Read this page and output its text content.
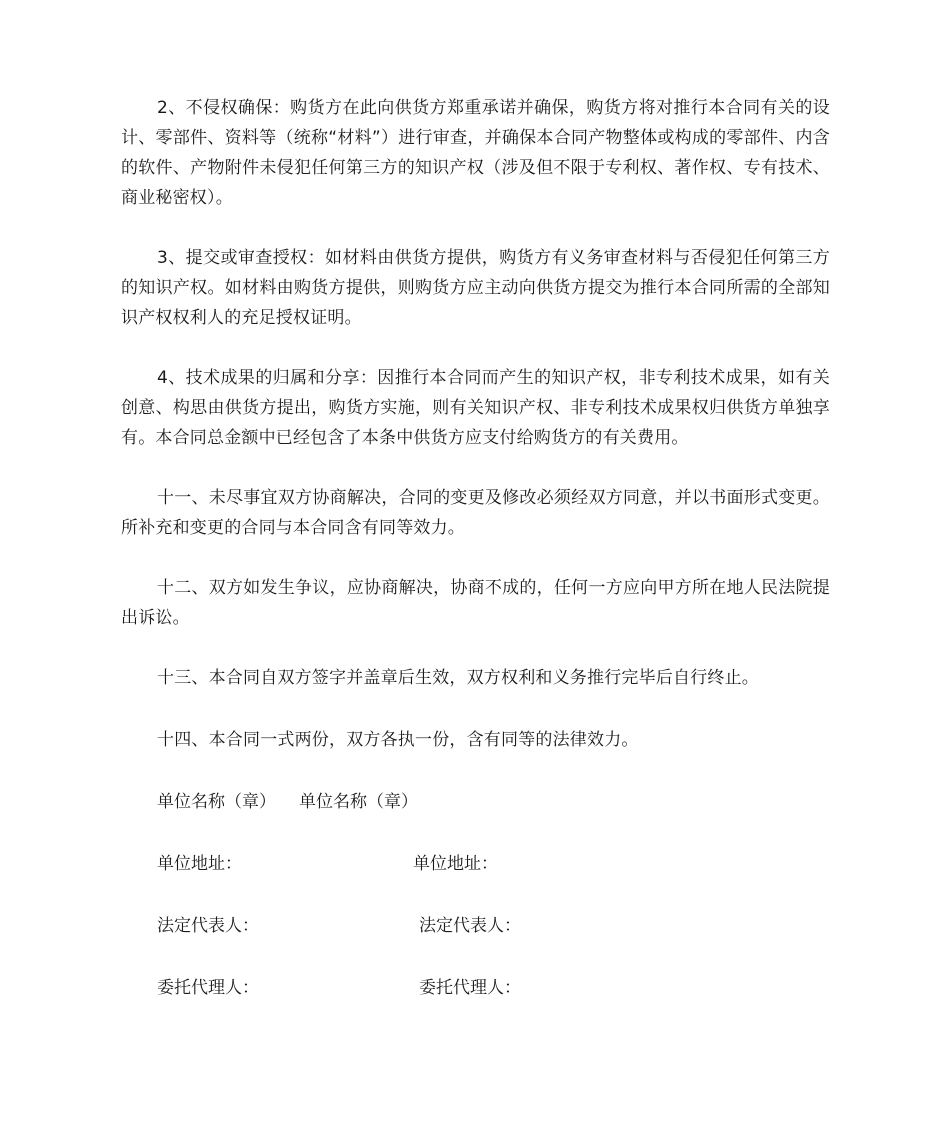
2、不侵权确保：购货方在此向供货方郑重承诺并确保，购货方将对推行本合同有关的设计、零部件、资料等（统称“材料”）进行审查，并确保本合同产物整体或构成的零部件、内含的软件、产物附件未侵犯任何第三方的知识产权（涉及但不限于专利权、著作权、专有技术、商业秘密权）。

3、提交或审查授权：如材料由供货方提供，购货方有义务审查材料与否侵犯任何第三方的知识产权。如材料由购货方提供，则购货方应主动向供货方提交为推行本合同所需的全部知识产权权利人的充足授权证明。

4、技术成果的归属和分享：因推行本合同而产生的知识产权，非专利技术成果，如有关创意、构思由供货方提出，购货方实施，则有关知识产权、非专利技术成果权归供货方单独享有。本合同总金额中已经包含了本条中供货方应支付给购货方的有关费用。

十一、未尽事宜双方协商解决，合同的变更及修改必须经双方同意，并以书面形式变更。所补充和变更的合同与本合同含有同等效力。

十二、双方如发生争议，应协商解决，协商不成的，任何一方应向甲方所在地人民法院提出诉讼。

十三、本合同自双方签字并盖章后生效，双方权利和义务推行完毕后自行终止。

十四、本合同一式两份，双方各执一份，含有同等的法律效力。

单位名称（章） 单位名称（章）
单位地址：	单位地址：
法定代表人：	法定代表人：
委托代理人：	委托代理人：
